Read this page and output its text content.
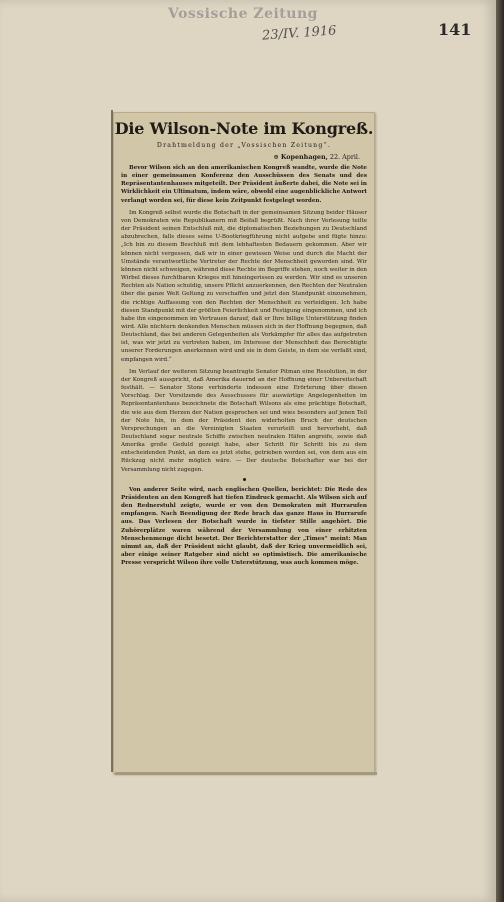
Vossische Zeitung
23/IV. 1916	141
Die Wilson-Note im Kongreß.
Drahtmeldung der „Vossischen Zeitung“.
⊕ Kopenhagen, 22. April.

Bevor Wilson sich an den amerikanischen Kongreß wandte, wurde die Note in einer gemeinsamen Konferenz den Ausschüssen des Senats und des Repräsentantenhauses mitgeteilt. Der Präsident äußerte dabei, die Note sei in Wirklichkeit ein Ultimatum, indem wäre, obwohl eine augenblickliche Antwort verlangt worden sei, für diese kein Zeitpunkt festgelegt worden.

Im Kongreß selbst wurde die Botschaft in der gemeinsamen Sitzung beider Häuser von Demokraten wie Republikanern mit Beifall begrüßt. Nach ihrer Verlesung teilte der Präsident seinen Entschluß mit, die diplomatischen Beziehungen zu Deutschland abzubrechen, falls dieses seine U-Bootkriegführung nicht aufgebe und fügte hinzu: „Ich bin zu diesem Beschluß mit dem lebhaftesten Bedauern gekommen. Aber wir können nicht vergessen, daß wir in einer gewissen Weise und durch die Macht der Umstände verantwortliche Vertreter der Rechte der Menschheit geworden sind. Wir können nicht schweigen, während diese Rechte im Begriffe stehen, noch weiter in den Wirbel dieses furchtbaren Krieges mit hineingerissen zu werden. Wir sind es unseren Rechten als Nation schuldig, unsere Pflicht anzuerkennen, den Rechten der Neutralen über die ganze Welt Geltung zu verschaffen und jetzt den Standpunkt einzunehmen, die richtige Auffassung von den Rechten der Menschheit zu verteidigen. Ich habe diesen Standpunkt mit der größten Feierlichkeit und Festigung eingenommen, und ich habe ihn eingenommen im Vertrauen darauf, daß er Ihre billige Unterstützung finden wird. Alle nüchtern denkenden Menschen müssen sich in der Hoffnung begegnen, daß Deutschland, das bei anderen Gelegenheiten als Vorkämpfer für alles das aufgetreten ist, was wir jetzt zu vertreten haben, im Interesse der Menschheit das Berechtigte unserer Forderungen anerkennen wird und sie in dem Geiste, in dem sie verfaßt sind, empfangen wird.“

Im Verlauf der weiteren Sitzung beantragte Senator Pitman eine Resolution, in der der Kongreß ausspricht, daß Amerika dauernd an der Hoffnung einer Unbereitschaft festhält. — Senator Stone verhinderte indessen eine Erörterung über diesen Vorschlag. Der Vorsitzende des Ausschusses für auswärtige Angelegenheiten im Repräsentantenhaus bezeichnete die Botschaft Wilsons als eine prächtige Botschaft, die wie aus dem Herzen der Nation gesprochen sei und wies besonders auf jenen Teil der Note hin, in dem der Präsident den widerholten Bruch der deutschen Versprechungen an die Vereinigten Staaten verurteilt und hervorhebt, daß Deutschland sogar neutrale Schiffe zwischen neutralen Häfen angreife, sowie daß Amerika große Geduld gezeigt habe, aber Schritt für Schritt bis zu dem entscheidenden Punkt, an dem es jetzt stehe, getrieben worden sei, von dem aus ein Rückzug nicht mehr möglich wäre. — Der deutsche Botschafter war bei der Versammlung nicht zugegen.

Von anderer Seite wird, nach englischen Quellen, berichtet: Die Rede des Präsidenten an den Kongreß hat tiefen Eindruck gemacht. Als Wilson sich auf den Rednerstuhl zeigte, wurde er von den Demokraten mit Hurrarufen empfangen. Nach Beendigung der Rede brach das ganze Haus in Hurrarufe aus. Das Verlesen der Botschaft wurde in tiefster Stille angehört. Die Zuhörerplätze waren während der Versammlung von einer erhitzten Menschenmenge dicht besetzt. Der Berichterstatter der „Times“ meint: Man nimmt an, daß der Präsident nicht glaubt, daß der Krieg unvermeidlich sei, aber einige seiner Ratgeber sind nicht so optimistisch. Die amerikanische Presse verspricht Wilson ihre volle Unterstützung, was auch kommen möge.
